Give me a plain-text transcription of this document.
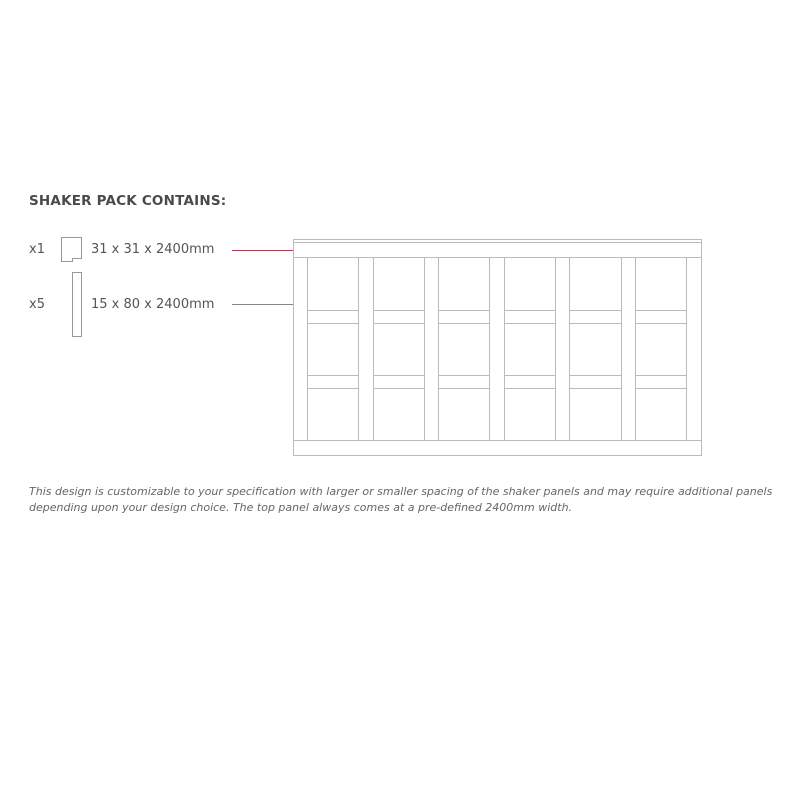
SHAKER PACK CONTAINS:
x1	31 x 31 x 2400mm
x5	15 x 80 x 2400mm
This design is customizable to your specification with larger or smaller spacing of the shaker panels and may require additional panels depending upon your design choice. The top panel always comes at a pre-defined 2400mm width.
